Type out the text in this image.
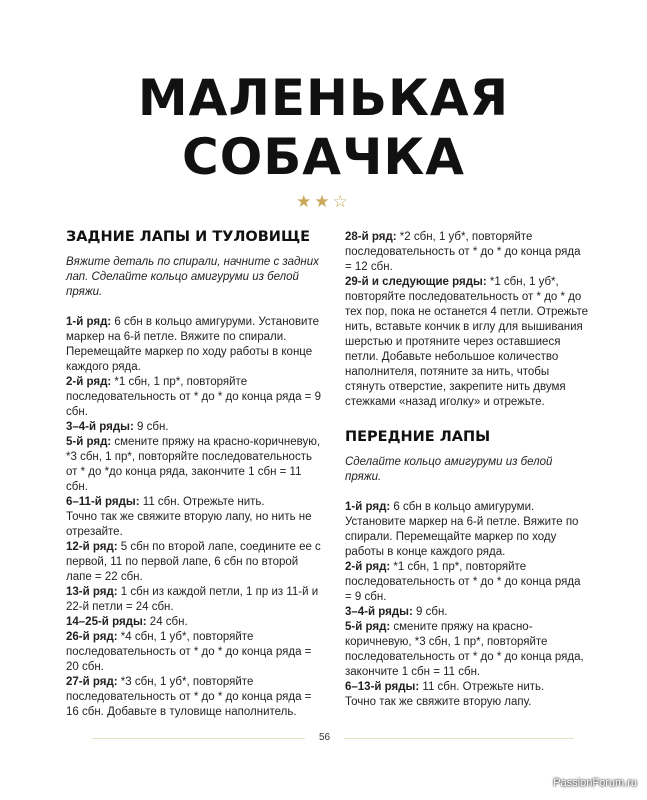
МАЛЕНЬКАЯ
СОБАЧКА
★★☆
ЗАДНИЕ ЛАПЫ И ТУЛОВИЩЕ

Вяжите деталь по спирали, начните с задних лап. Сделайте кольцо амигуруми из белой пряжи.

1-й ряд: 6 сбн в кольцо амигуруми. Установите маркер на 6-й петле. Вяжите по спирали. Перемещайте маркер по ходу работы в конце каждого ряда.

2-й ряд: *1 сбн, 1 пр*, повторяйте последовательность от * до * до конца ряда = 9 сбн.

3–4-й ряды: 9 сбн.

5-й ряд: смените пряжу на красно-коричневую, *3 сбн, 1 пр*, повторяйте последовательность от * до *до конца ряда, закончите 1 сбн = 11 сбн.

6–11-й ряды: 11 сбн. Отрежьте нить.

Точно так же свяжите вторую лапу, но нить не отрезайте.

12-й ряд: 5 сбн по второй лапе, соедините ее с первой, 11 по первой лапе, 6 сбн по второй лапе = 22 сбн.

13-й ряд: 1 сбн из каждой петли, 1 пр из 11-й и 22-й петли = 24 сбн.

14–25-й ряды: 24 сбн.

26-й ряд: *4 сбн, 1 уб*, повторяйте последовательность от * до * до конца ряда = 20 сбн.

27-й ряд: *3 сбн, 1 уб*, повторяйте последовательность от * до * до конца ряда = 16 сбн. Добавьте в туловище наполнитель.

28-й ряд: *2 сбн, 1 уб*, повторяйте последовательность от * до * до конца ряда = 12 сбн.

29-й и следующие ряды: *1 сбн, 1 уб*, повторяйте последовательность от * до * до тех пор, пока не останется 4 петли. Отрежьте нить, вставьте кончик в иглу для вышивания шерстью и протяните через оставшиеся петли. Добавьте небольшое количество наполнителя, потяните за нить, чтобы стянуть отверстие, закрепите нить двумя стежками «назад иголку» и отрежьте.

ПЕРЕДНИЕ ЛАПЫ

Сделайте кольцо амигуруми из белой пряжи.

1-й ряд: 6 сбн в кольцо амигуруми. Установите маркер на 6-й петле. Вяжите по спирали. Перемещайте маркер по ходу работы в конце каждого ряда.

2-й ряд: *1 сбн, 1 пр*, повторяйте последовательность от * до * до конца ряда = 9 сбн.

3–4-й ряды: 9 сбн.

5-й ряд: смените пряжу на красно-коричневую, *3 сбн, 1 пр*, повторяйте последовательность от * до * до конца ряда, закончите 1 сбн = 11 сбн.

6–13-й ряды: 11 сбн. Отрежьте нить.

Точно так же свяжите вторую лапу.

56
PassionForum.ru
